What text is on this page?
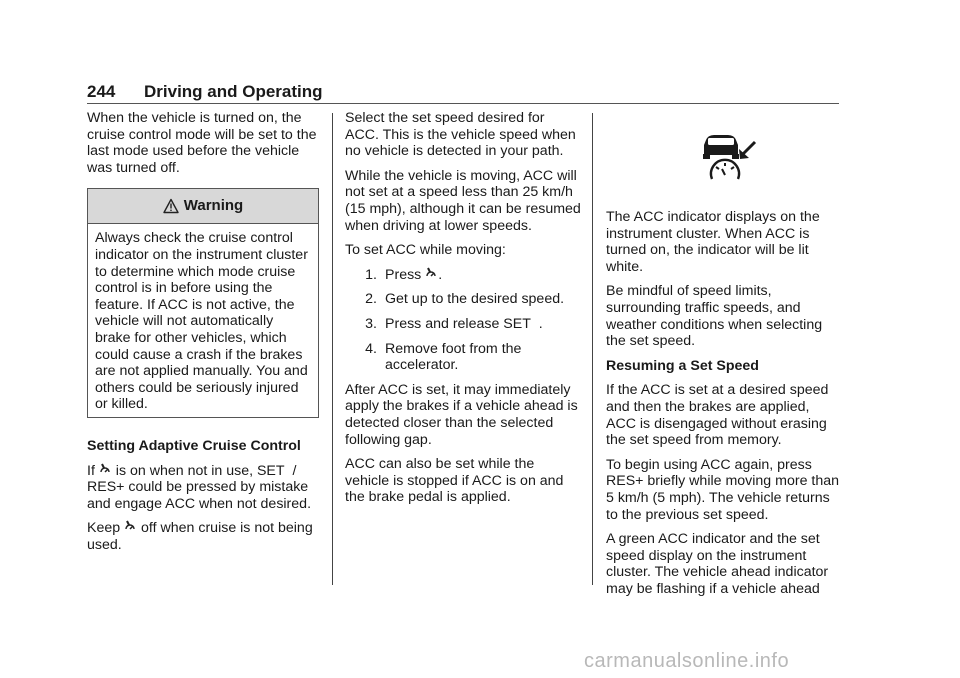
244 Driving and Operating

When the vehicle is turned on, the cruise control mode will be set to the last mode used before the vehicle was turned off.

Warning
Always check the cruise control indicator on the instrument cluster to determine which mode cruise control is in before using the feature. If ACC is not active, the vehicle will not automatically brake for other vehicles, which could cause a crash if the brakes are not applied manually. You and others could be seriously injured or killed.

Setting Adaptive Cruise Control

If is on when not in use, SET  / RES+ could be pressed by mistake and engage ACC when not desired.

Keep off when cruise is not being used.

Select the set speed desired for ACC. This is the vehicle speed when no vehicle is detected in your path.

While the vehicle is moving, ACC will not set at a speed less than 25 km/h (15 mph), although it can be resumed when driving at lower speeds.

To set ACC while moving:

1. Press .
2. Get up to the desired speed.
3. Press and release SET  .
4. Remove foot from the accelerator.

After ACC is set, it may immediately apply the brakes if a vehicle ahead is detected closer than the selected following gap.

ACC can also be set while the vehicle is stopped if ACC is on and the brake pedal is applied.

The ACC indicator displays on the instrument cluster. When ACC is turned on, the indicator will be lit white.

Be mindful of speed limits, surrounding traffic speeds, and weather conditions when selecting the set speed.

Resuming a Set Speed

If the ACC is set at a desired speed and then the brakes are applied, ACC is disengaged without erasing the set speed from memory.

To begin using ACC again, press RES+ briefly while moving more than 5 km/h (5 mph). The vehicle returns to the previous set speed.

A green ACC indicator and the set speed display on the instrument cluster. The vehicle ahead indicator may be flashing if a vehicle ahead

carmanualsonline.info
